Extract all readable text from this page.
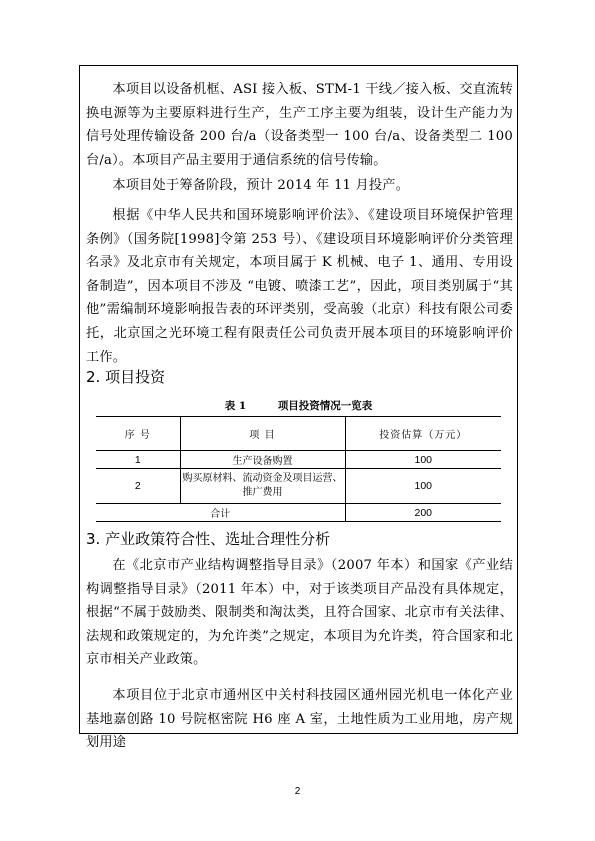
本项目以设备机框、ASI 接入板、STM-1 干线／接入板、交直流转换电源等为主要原料进行生产，生产工序主要为组装，设计生产能力为信号处理传输设备 200 台/a（设备类型一 100 台/a、设备类型二 100 台/a）。本项目产品主要用于通信系统的信号传输。

本项目处于筹备阶段，预计 2014 年 11 月投产。

根据《中华人民共和国环境影响评价法》、《建设项目环境保护管理条例》（国务院[1998]令第 253 号）、《建设项目环境影响评价分类管理名录》及北京市有关规定，本项目属于 K 机械、电子 1、通用、专用设备制造”，因本项目不涉及 “电镀、喷漆工艺”，因此，项目类别属于“其他”需编制环境影响报告表的环评类别，受高骏（北京）科技有限公司委托，北京国之光环境工程有限责任公司负责开展本项目的环境影响评价工作。

2. 项目投资

表 1	项目投资情况一览表

序 号	项 目	投资估算（万元）
1	生产设备购置	100
2	购买原材料、流动资金及项目运营、推广费用	100
合计		200
3. 产业政策符合性、选址合理性分析

在《北京市产业结构调整指导目录》（2007 年本）和国家《产业结构调整指导目录》（2011 年本）中，对于该类项目产品没有具体规定，根据“不属于鼓励类、限制类和淘汰类，且符合国家、北京市有关法律、法规和政策规定的，为允许类”之规定，本项目为允许类，符合国家和北京市相关产业政策。

本项目位于北京市通州区中关村科技园区通州园光机电一体化产业基地嘉创路 10 号院枢密院 H6 座 A 室，土地性质为工业用地，房产规划用途

2
